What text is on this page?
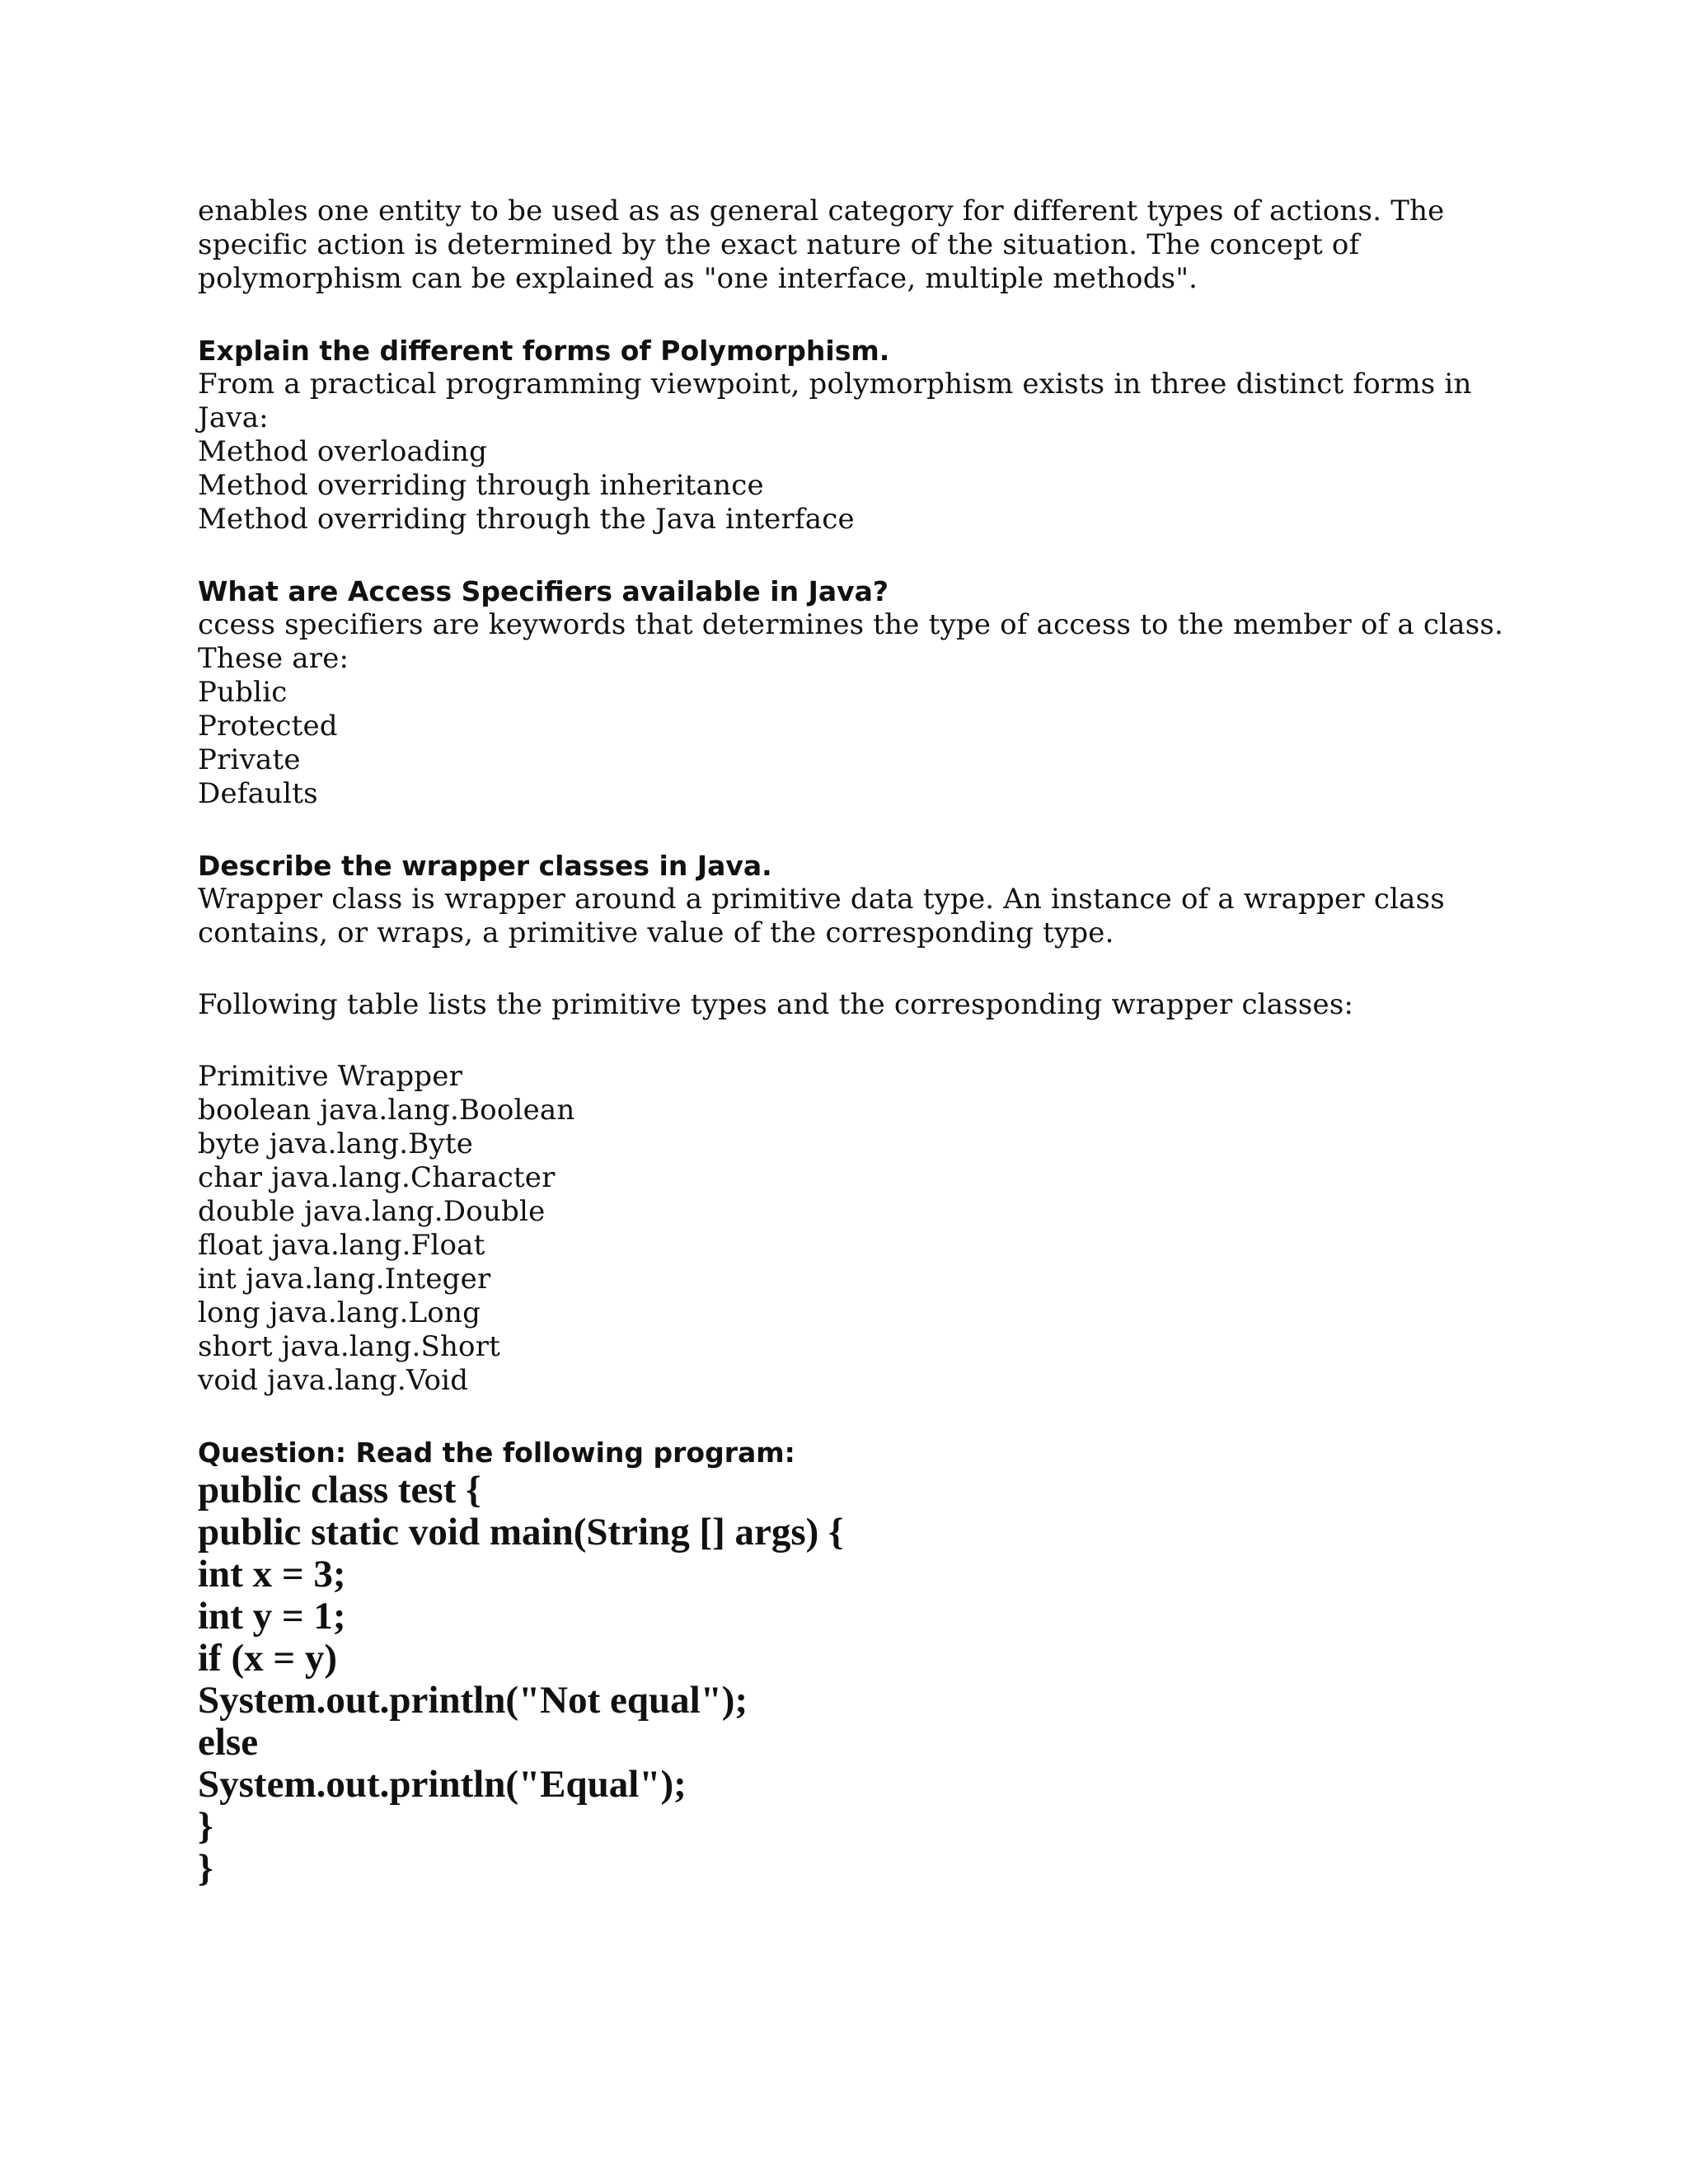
enables one entity to be used as as general category for different types of actions. The
specific action is determined by the exact nature of the situation. The concept of
polymorphism can be explained as "one interface, multiple methods".
Explain the different forms of Polymorphism.
From a practical programming viewpoint, polymorphism exists in three distinct forms in
Java:
Method overloading
Method overriding through inheritance
Method overriding through the Java interface
What are Access Specifiers available in Java?
ccess specifiers are keywords that determines the type of access to the member of a class.
These are:
Public
Protected
Private
Defaults
Describe the wrapper classes in Java.
Wrapper class is wrapper around a primitive data type. An instance of a wrapper class
contains, or wraps, a primitive value of the corresponding type.
Following table lists the primitive types and the corresponding wrapper classes:
Primitive Wrapper
boolean java.lang.Boolean
byte java.lang.Byte
char java.lang.Character
double java.lang.Double
float java.lang.Float
int java.lang.Integer
long java.lang.Long
short java.lang.Short
void java.lang.Void
Question: Read the following program:
public class test {
public static void main(String [] args) {
int x = 3;
int y = 1;
if (x = y)
System.out.println("Not equal");
else
System.out.println("Equal");
}
}
